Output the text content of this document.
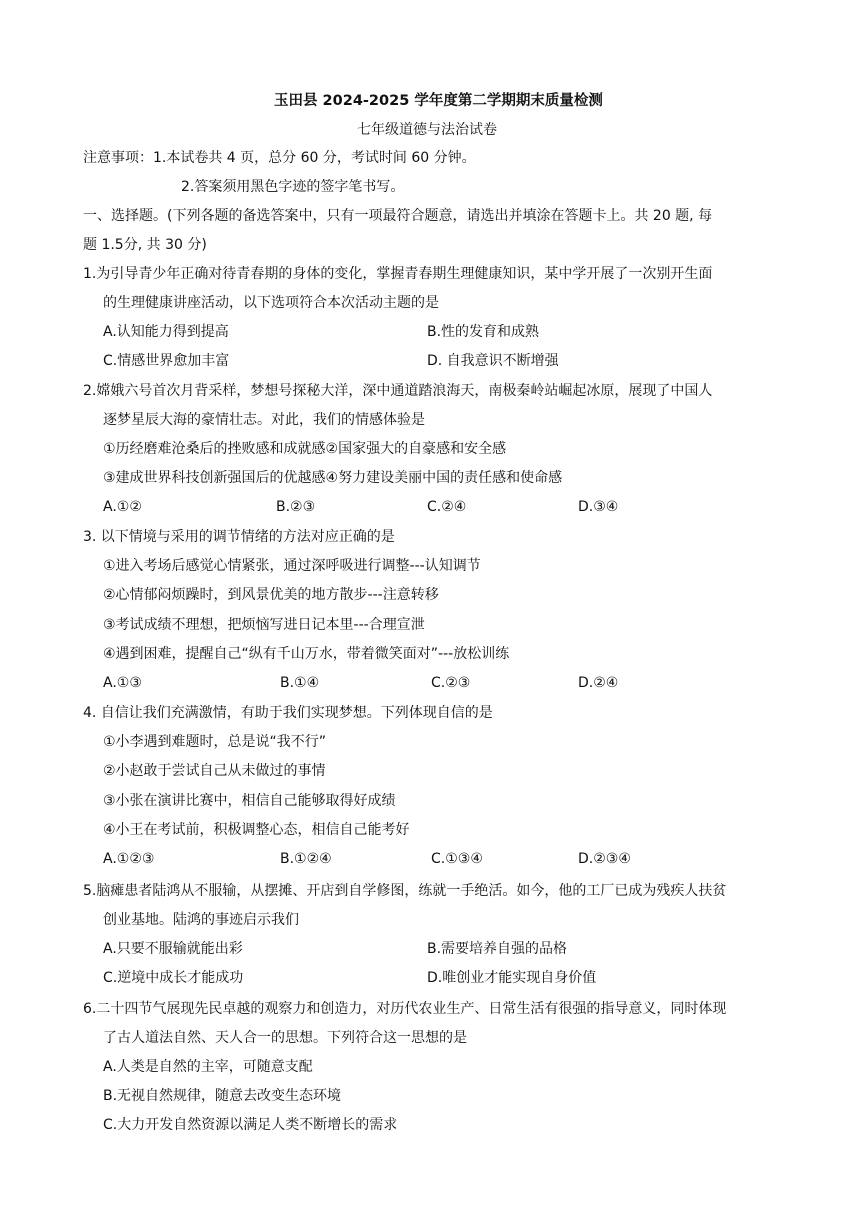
玉田县 2024-2025 学年度第二学期期末质量检测

七年级道德与法治试卷

注意事项：1.本试卷共 4 页，总分 60 分，考试时间 60 分钟。

2.答案须用黑色字迹的签字笔书写。

一、选择题。(下列各题的备选答案中，只有一项最符合题意，请选出并填涂在答题卡上。共 20 题, 每

题 1.5分, 共 30 分)

1.为引导青少年正确对待青春期的身体的变化，掌握青春期生理健康知识，某中学开展了一次别开生面

的生理健康讲座活动，以下选项符合本次活动主题的是

A.认知能力得到提高	B.性的发育和成熟
C.情感世界愈加丰富	D. 自我意识不断增强

2.嫦娥六号首次月背采样，梦想号探秘大洋，深中通道踏浪海天，南极秦岭站崛起冰原，展现了中国人

逐梦星辰大海的豪情壮志。对此，我们的情感体验是

①历经磨难沧桑后的挫败感和成就感②国家强大的自豪感和安全感

③建成世界科技创新强国后的优越感④努力建设美丽中国的责任感和使命感

A.①②	B.②③	C.②④	D.③④

3. 以下情境与采用的调节情绪的方法对应正确的是

①进入考场后感觉心情紧张，通过深呼吸进行调整---认知调节

②心情郁闷烦躁时，到风景优美的地方散步---注意转移

③考试成绩不理想，把烦恼写进日记本里---合理宣泄

④遇到困难，提醒自己“纵有千山万水，带着微笑面对”---放松训练

A.①③	B.①④	C.②③	D.②④

4. 自信让我们充满激情，有助于我们实现梦想。下列体现自信的是

①小李遇到难题时，总是说“我不行”

②小赵敢于尝试自己从未做过的事情

③小张在演讲比赛中，相信自己能够取得好成绩

④小王在考试前，积极调整心态，相信自己能考好

A.①②③	B.①②④	C.①③④	D.②③④

5.脑瘫患者陆鸿从不服输，从摆摊、开店到自学修图，练就一手绝活。如今，他的工厂已成为残疾人扶贫

创业基地。陆鸿的事迹启示我们

A.只要不服输就能出彩	B.需要培养自强的品格
C.逆境中成长才能成功	D.唯创业才能实现自身价值

6.二十四节气展现先民卓越的观察力和创造力，对历代农业生产、日常生活有很强的指导意义，同时体现

了古人道法自然、天人合一的思想。下列符合这一思想的是

A.人类是自然的主宰，可随意支配
B.无视自然规律，随意去改变生态环境
C.大力开发自然资源以满足人类不断增长的需求
